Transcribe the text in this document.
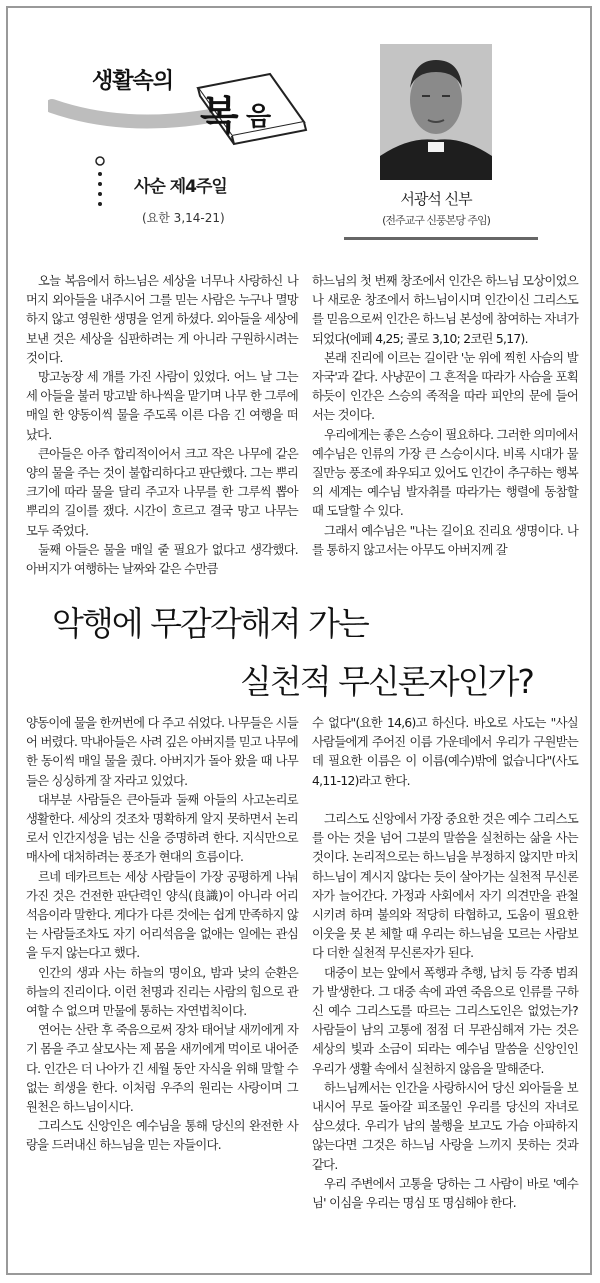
생활속의
복 음
사순 제4주일
(요한 3,14-21)
서광석 신부
(전주교구 신풍본당 주임)

오늘 복음에서 하느님은 세상을 너무나 사랑하신 나머지 외아들을 내주시어 그를 믿는 사람은 누구나 멸망하지 않고 영원한 생명을 얻게 하셨다. 외아들을 세상에 보낸 것은 세상을 심판하려는 게 아니라 구원하시려는 것이다.

망고농장 세 개를 가진 사람이 있었다. 어느 날 그는 세 아들을 불러 망고밭 하나씩을 맡기며 나무 한 그루에 매일 한 양동이씩 물을 주도록 이른 다음 긴 여행을 떠났다.

큰아들은 아주 합리적이어서 크고 작은 나무에 같은 양의 물을 주는 것이 불합리하다고 판단했다. 그는 뿌리 크기에 따라 물을 달리 주고자 나무를 한 그루씩 뽑아 뿌리의 길이를 쟀다. 시간이 흐르고 결국 망고 나무는 모두 죽었다.

둘째 아들은 물을 매일 줄 필요가 없다고 생각했다. 아버지가 여행하는 날짜와 같은 수만큼

하느님의 첫 번째 창조에서 인간은 하느님 모상이었으나 새로운 창조에서 하느님이시며 인간이신 그리스도를 믿음으로써 인간은 하느님 본성에 참여하는 자녀가 되었다(에페 4,25; 콜로 3,10; 2코린 5,17).

본래 진리에 이르는 길이란 '눈 위에 찍힌 사슴의 발자국'과 같다. 사냥꾼이 그 흔적을 따라가 사슴을 포획하듯이 인간은 스승의 족적을 따라 피안의 문에 들어서는 것이다.

우리에게는 좋은 스승이 필요하다. 그러한 의미에서 예수님은 인류의 가장 큰 스승이시다. 비록 시대가 물질만능 풍조에 좌우되고 있어도 인간이 추구하는 행복의 세계는 예수님 발자취를 따라가는 행렬에 동참할 때 도달할 수 있다.

그래서 예수님은 "나는 길이요 진리요 생명이다. 나를 통하지 않고서는 아무도 아버지께 갈

악행에 무감각해져 가는
실천적 무신론자인가?

양동이에 물을 한꺼번에 다 주고 쉬었다. 나무들은 시들어 버렸다. 막내아들은 사려 깊은 아버지를 믿고 나무에 한 동이씩 매일 물을 줬다. 아버지가 돌아 왔을 때 나무들은 싱싱하게 잘 자라고 있었다.

대부분 사람들은 큰아들과 둘째 아들의 사고논리로 생활한다. 세상의 것조차 명확하게 알지 못하면서 논리로서 인간지성을 넘는 신을 증명하려 한다. 지식만으로 매사에 대처하려는 풍조가 현대의 흐름이다.

르네 데카르트는 세상 사람들이 가장 공평하게 나눠가진 것은 건전한 판단력인 양식(良識)이 아니라 어리석음이라 말한다. 게다가 다른 것에는 쉽게 만족하지 않는 사람들조차도 자기 어리석음을 없애는 일에는 관심을 두지 않는다고 했다.

인간의 생과 사는 하늘의 명이요, 밤과 낮의 순환은 하늘의 진리이다. 이런 천명과 진리는 사람의 힘으로 관여할 수 없으며 만물에 통하는 자연법칙이다.

연어는 산란 후 죽음으로써 장차 태어날 새끼에게 자기 몸을 주고 살모사는 제 몸을 새끼에게 먹이로 내어준다. 인간은 더 나아가 긴 세월 동안 자식을 위해 말할 수 없는 희생을 한다. 이처럼 우주의 원리는 사랑이며 그 원천은 하느님이시다.

그리스도 신앙인은 예수님을 통해 당신의 완전한 사랑을 드러내신 하느님을 믿는 자들이다.

수 없다"(요한 14,6)고 하신다. 바오로 사도는 "사실 사람들에게 주어진 이름 가운데에서 우리가 구원받는데 필요한 이름은 이 이름(예수)밖에 없습니다"(사도 4,11-12)라고 한다.

그리스도 신앙에서 가장 중요한 것은 예수 그리스도를 아는 것을 넘어 그분의 말씀을 실천하는 삶을 사는 것이다. 논리적으로는 하느님을 부정하지 않지만 마치 하느님이 계시지 않다는 듯이 살아가는 실천적 무신론자가 늘어간다. 가정과 사회에서 자기 의견만을 관철시키려 하며 불의와 적당히 타협하고, 도움이 필요한 이웃을 못 본 체할 때 우리는 하느님을 모르는 사람보다 더한 실천적 무신론자가 된다.

대중이 보는 앞에서 폭행과 추행, 납치 등 각종 범죄가 발생한다. 그 대중 속에 과연 죽음으로 인류를 구하신 예수 그리스도를 따르는 그리스도인은 없었는가? 사람들이 남의 고통에 점점 더 무관심해져 가는 것은 세상의 빛과 소금이 되라는 예수님 말씀을 신앙인인 우리가 생활 속에서 실천하지 않음을 말해준다.

하느님께서는 인간을 사랑하시어 당신 외아들을 보내시어 무로 돌아갈 피조물인 우리를 당신의 자녀로 삼으셨다. 우리가 남의 불행을 보고도 가슴 아파하지 않는다면 그것은 하느님 사랑을 느끼지 못하는 것과 같다.

우리 주변에서 고통을 당하는 그 사람이 바로 '예수님' 이심을 우리는 명심 또 명심해야 한다.
